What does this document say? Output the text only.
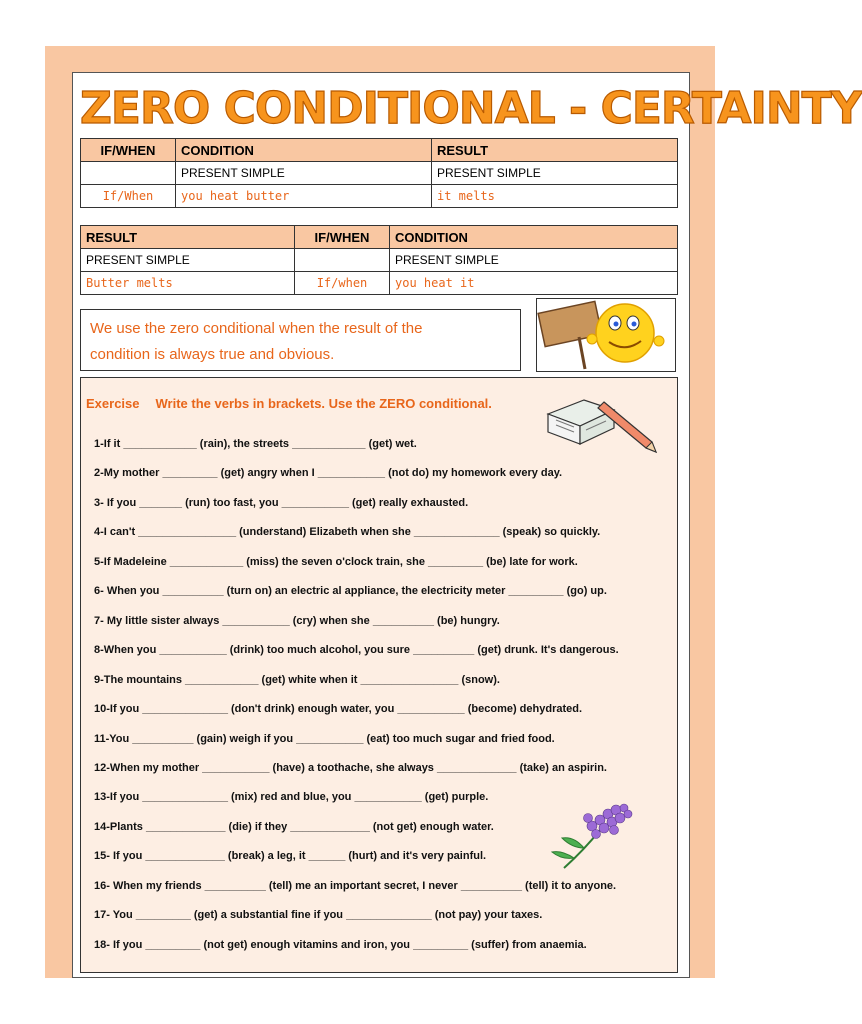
ZERO CONDITIONAL - CERTAINTY
IF/WHEN	CONDITION	RESULT
	PRESENT SIMPLE	PRESENT SIMPLE
If/When	you heat butter	it melts
RESULT	IF/WHEN	CONDITION
PRESENT SIMPLE		PRESENT SIMPLE
Butter melts	If/when	you heat it
We use the zero conditional when the result of the
condition is always true and obvious.
Exercise Write the verbs in brackets. Use the ZERO conditional.
1-If it ____________ (rain), the streets ____________ (get) wet.
2-My mother _________ (get) angry when I ___________ (not do) my homework every day.
3- If you _______ (run) too fast, you ___________ (get) really exhausted.
4-I can't ________________ (understand) Elizabeth when she ______________ (speak) so quickly.
5-If Madeleine ____________ (miss) the seven o'clock train, she _________ (be) late for work.
6- When you __________ (turn on) an electric al appliance, the electricity meter _________ (go) up.
7- My little sister always ___________ (cry) when she __________ (be) hungry.
8-When you ___________ (drink) too much alcohol, you sure __________ (get) drunk. It's dangerous.
9-The mountains ____________ (get) white when it ________________ (snow).
10-If you ______________ (don't drink) enough water, you ___________ (become) dehydrated.
11-You __________ (gain) weigh if you ___________ (eat) too much sugar and fried food.
12-When my mother ___________ (have) a toothache, she always _____________ (take) an aspirin.
13-If you ______________ (mix) red and blue, you ___________ (get) purple.
14-Plants _____________ (die) if they _____________ (not get) enough water.
15- If you _____________ (break) a leg, it ______ (hurt) and it's very painful.
16- When my friends __________ (tell) me an important secret, I never __________ (tell) it to anyone.
17- You _________ (get) a substantial fine if you ______________ (not pay) your taxes.
18- If you _________ (not get) enough vitamins and iron, you _________ (suffer) from anaemia.
